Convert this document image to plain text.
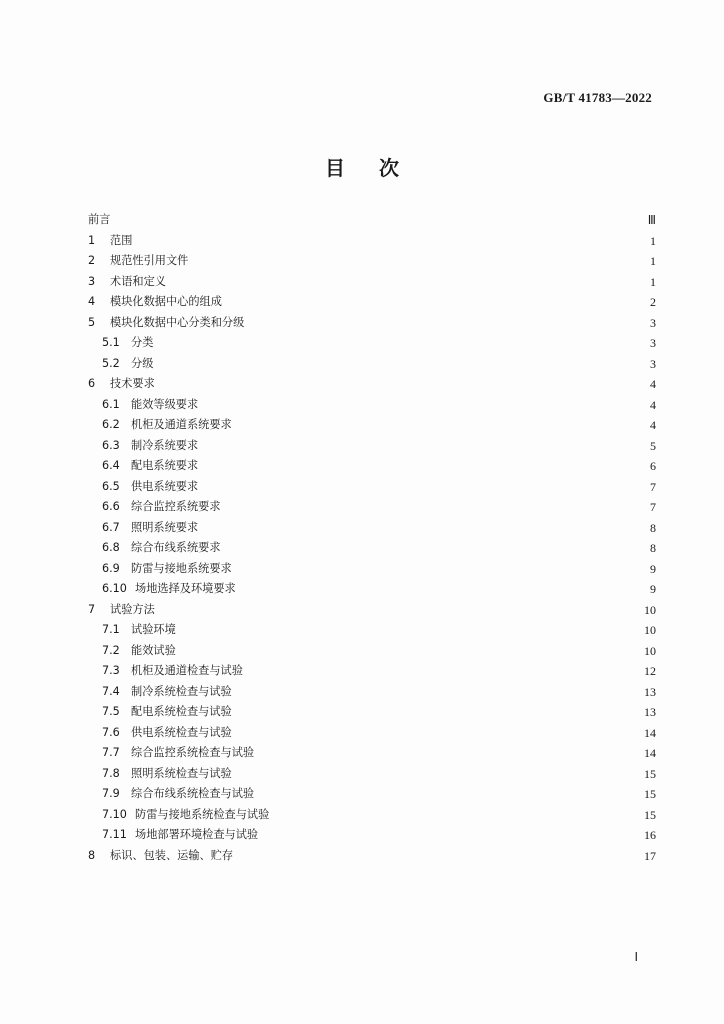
GB/T 41783—2022
目 次
前言	Ⅲ
1	范围	1
2	规范性引用文件	1
3	术语和定义	1
4	模块化数据中心的组成	2
5	模块化数据中心分类和分级	3
5.1	分类	3
5.2	分级	3
6	技术要求	4
6.1	能效等级要求	4
6.2	机柜及通道系统要求	4
6.3	制冷系统要求	5
6.4	配电系统要求	6
6.5	供电系统要求	7
6.6	综合监控系统要求	7
6.7	照明系统要求	8
6.8	综合布线系统要求	8
6.9	防雷与接地系统要求	9
6.10 场地选择及环境要求	9
7	试验方法	10
7.1	试验环境	10
7.2	能效试验	10
7.3	机柜及通道检查与试验	12
7.4	制冷系统检查与试验	13
7.5	配电系统检查与试验	13
7.6	供电系统检查与试验	14
7.7	综合监控系统检查与试验	14
7.8	照明系统检查与试验	15
7.9	综合布线系统检查与试验	15
7.10 防雷与接地系统检查与试验	15
7.11 场地部署环境检查与试验	16
8	标识、包装、运输、贮存	17
Ⅰ
